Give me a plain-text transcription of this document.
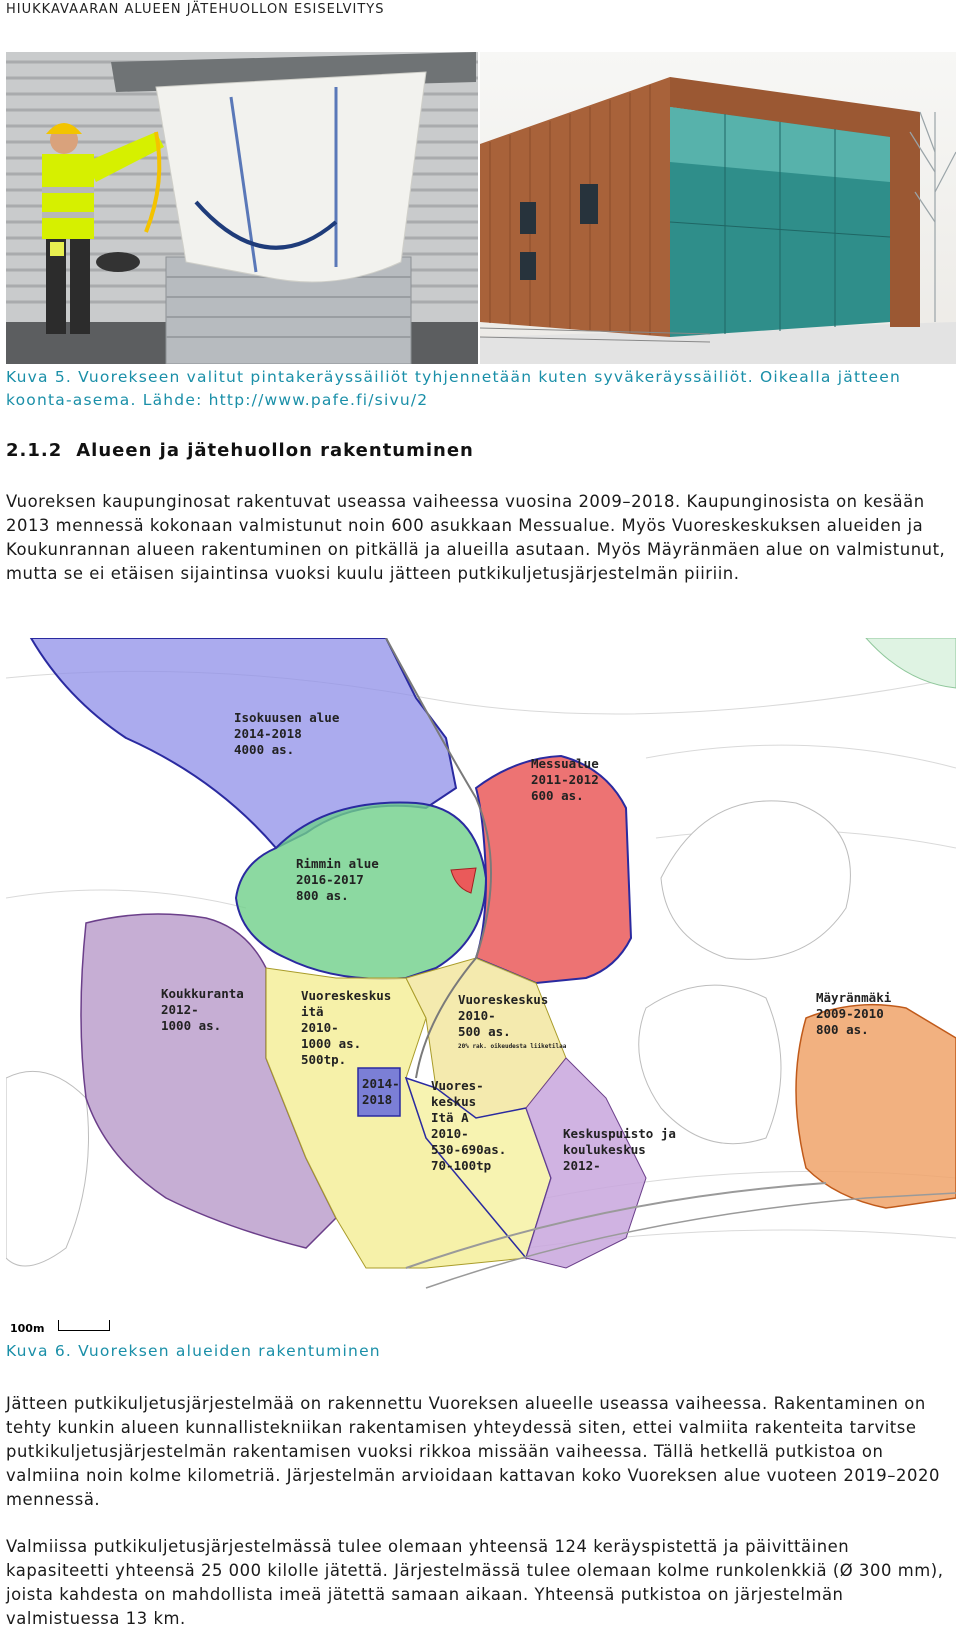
HIUKKAVAARAN ALUEEN JÄTEHUOLLON ESISELVITYS
Kuva 5. Vuorekseen valitut pintakeräyssäiliöt tyhjennetään kuten syväkeräyssäiliöt. Oikealla jätteen koonta-asema. Lähde: http://www.pafe.fi/sivu/2
2.1.2 Alueen ja jätehuollon rakentuminen

Vuoreksen kaupunginosat rakentuvat useassa vaiheessa vuosina 2009–2018. Kaupunginosista on kesään 2013 mennessä kokonaan valmistunut noin 600 asukkaan Messualue. Myös Vuoreskeskuksen alueiden ja Koukunrannan alueen rakentuminen on pitkällä ja alueilla asutaan. Myös Mäyränmäen alue on valmistunut, mutta se ei etäisen sijaintinsa vuoksi kuulu jätteen putkikuljetusjärjestelmän piiriin.

Isokuusen alue
2014-2018
4000 as.
Messualue
2011-2012
600 as.
Rimmin alue
2016-2017
800 as.
Koukkuranta
2012-
1000 as.
Vuoreskeskus
itä
2010-
1000 as.
500tp.
Vuoreskeskus
2010-
500 as.
20% rak. oikeudesta liiketilaa
Mäyränmäki
2009-2010
800 as.
Vuores-
keskus
Itä A
2010-
530-690as.
70-100tp
Keskuspuisto ja
koulukeskus
2012-
2014-
2018
100m
Kuva 6. Vuoreksen alueiden rakentuminen

Jätteen putkikuljetusjärjestelmää on rakennettu Vuoreksen alueelle useassa vaiheessa. Rakentaminen on tehty kunkin alueen kunnallistekniikan rakentamisen yhteydessä siten, ettei valmiita rakenteita tarvitse putkikuljetusjärjestelmän rakentamisen vuoksi rikkoa missään vaiheessa. Tällä hetkellä putkistoa on valmiina noin kolme kilometriä. Järjestelmän arvioidaan kattavan koko Vuoreksen alue vuoteen 2019–2020 mennessä.

Valmiissa putkikuljetusjärjestelmässä tulee olemaan yhteensä 124 keräyspistettä ja päivittäinen kapasiteetti yhteensä 25 000 kilolle jätettä. Järjestelmässä tulee olemaan kolme runkolenkkiä (Ø 300 mm), joista kahdesta on mahdollista imeä jätettä samaan aikaan. Yhteensä putkistoa on järjestelmän valmistuessa 13 km.
